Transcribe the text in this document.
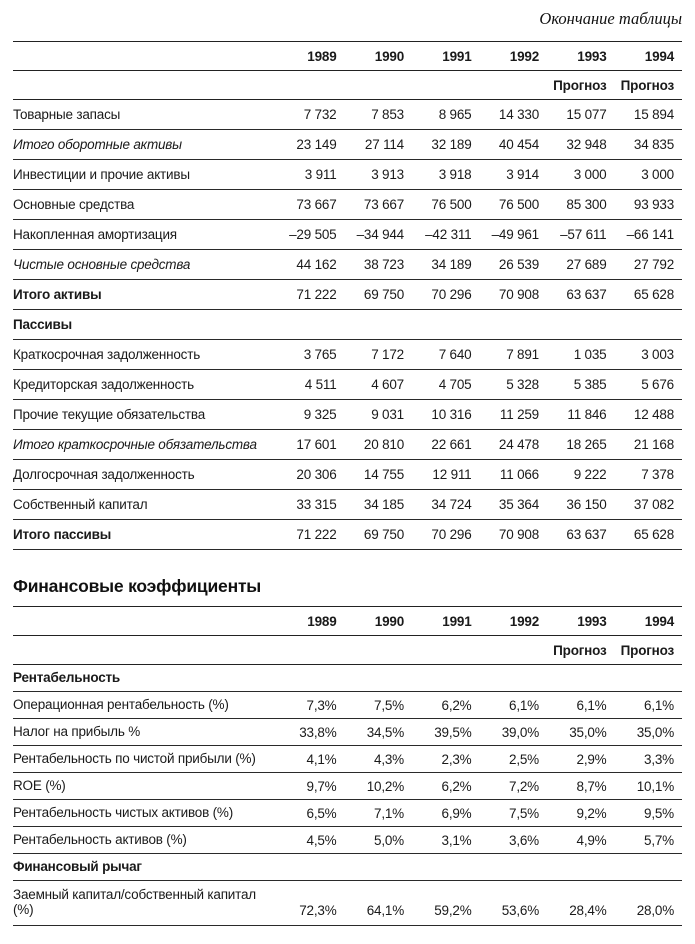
Окончание таблицы
	1989	1990	1991	1992	1993	1994
					Прогноз	Прогноз
Товарные запасы	7 732	7 853	8 965	14 330	15 077	15 894
Итого оборотные активы	23 149	27 114	32 189	40 454	32 948	34 835
Инвестиции и прочие активы	3 911	3 913	3 918	3 914	3 000	3 000
Основные средства	73 667	73 667	76 500	76 500	85 300	93 933
Накопленная амортизация	–29 505	–34 944	–42 311	–49 961	–57 611	–66 141
Чистые основные средства	44 162	38 723	34 189	26 539	27 689	27 792
Итого активы	71 222	69 750	70 296	70 908	63 637	65 628
Пассивы						
Краткосрочная задолженность	3 765	7 172	7 640	7 891	1 035	3 003
Кредиторская задолженность	4 511	4 607	4 705	5 328	5 385	5 676
Прочие текущие обязательства	9 325	9 031	10 316	11 259	11 846	12 488
Итого краткосрочные обязательства	17 601	20 810	22 661	24 478	18 265	21 168
Долгосрочная задолженность	20 306	14 755	12 911	11 066	9 222	7 378
Собственный капитал	33 315	34 185	34 724	35 364	36 150	37 082
Итого пассивы	71 222	69 750	70 296	70 908	63 637	65 628
Финансовые коэффициенты
	1989	1990	1991	1992	1993	1994
					Прогноз	Прогноз
Рентабельность						
Операционная рентабельность (%)	7,3%	7,5%	6,2%	6,1%	6,1%	6,1%
Налог на прибыль %	33,8%	34,5%	39,5%	39,0%	35,0%	35,0%
Рентабельность по чистой прибыли (%)	4,1%	4,3%	2,3%	2,5%	2,9%	3,3%
ROE (%)	9,7%	10,2%	6,2%	7,2%	8,7%	10,1%
Рентабельность чистых активов (%)	6,5%	7,1%	6,9%	7,5%	9,2%	9,5%
Рентабельность активов (%)	4,5%	5,0%	3,1%	3,6%	4,9%	5,7%
Финансовый рычаг						
Заемный капитал/собственный капитал (%)	72,3%	64,1%	59,2%	53,6%	28,4%	28,0%
